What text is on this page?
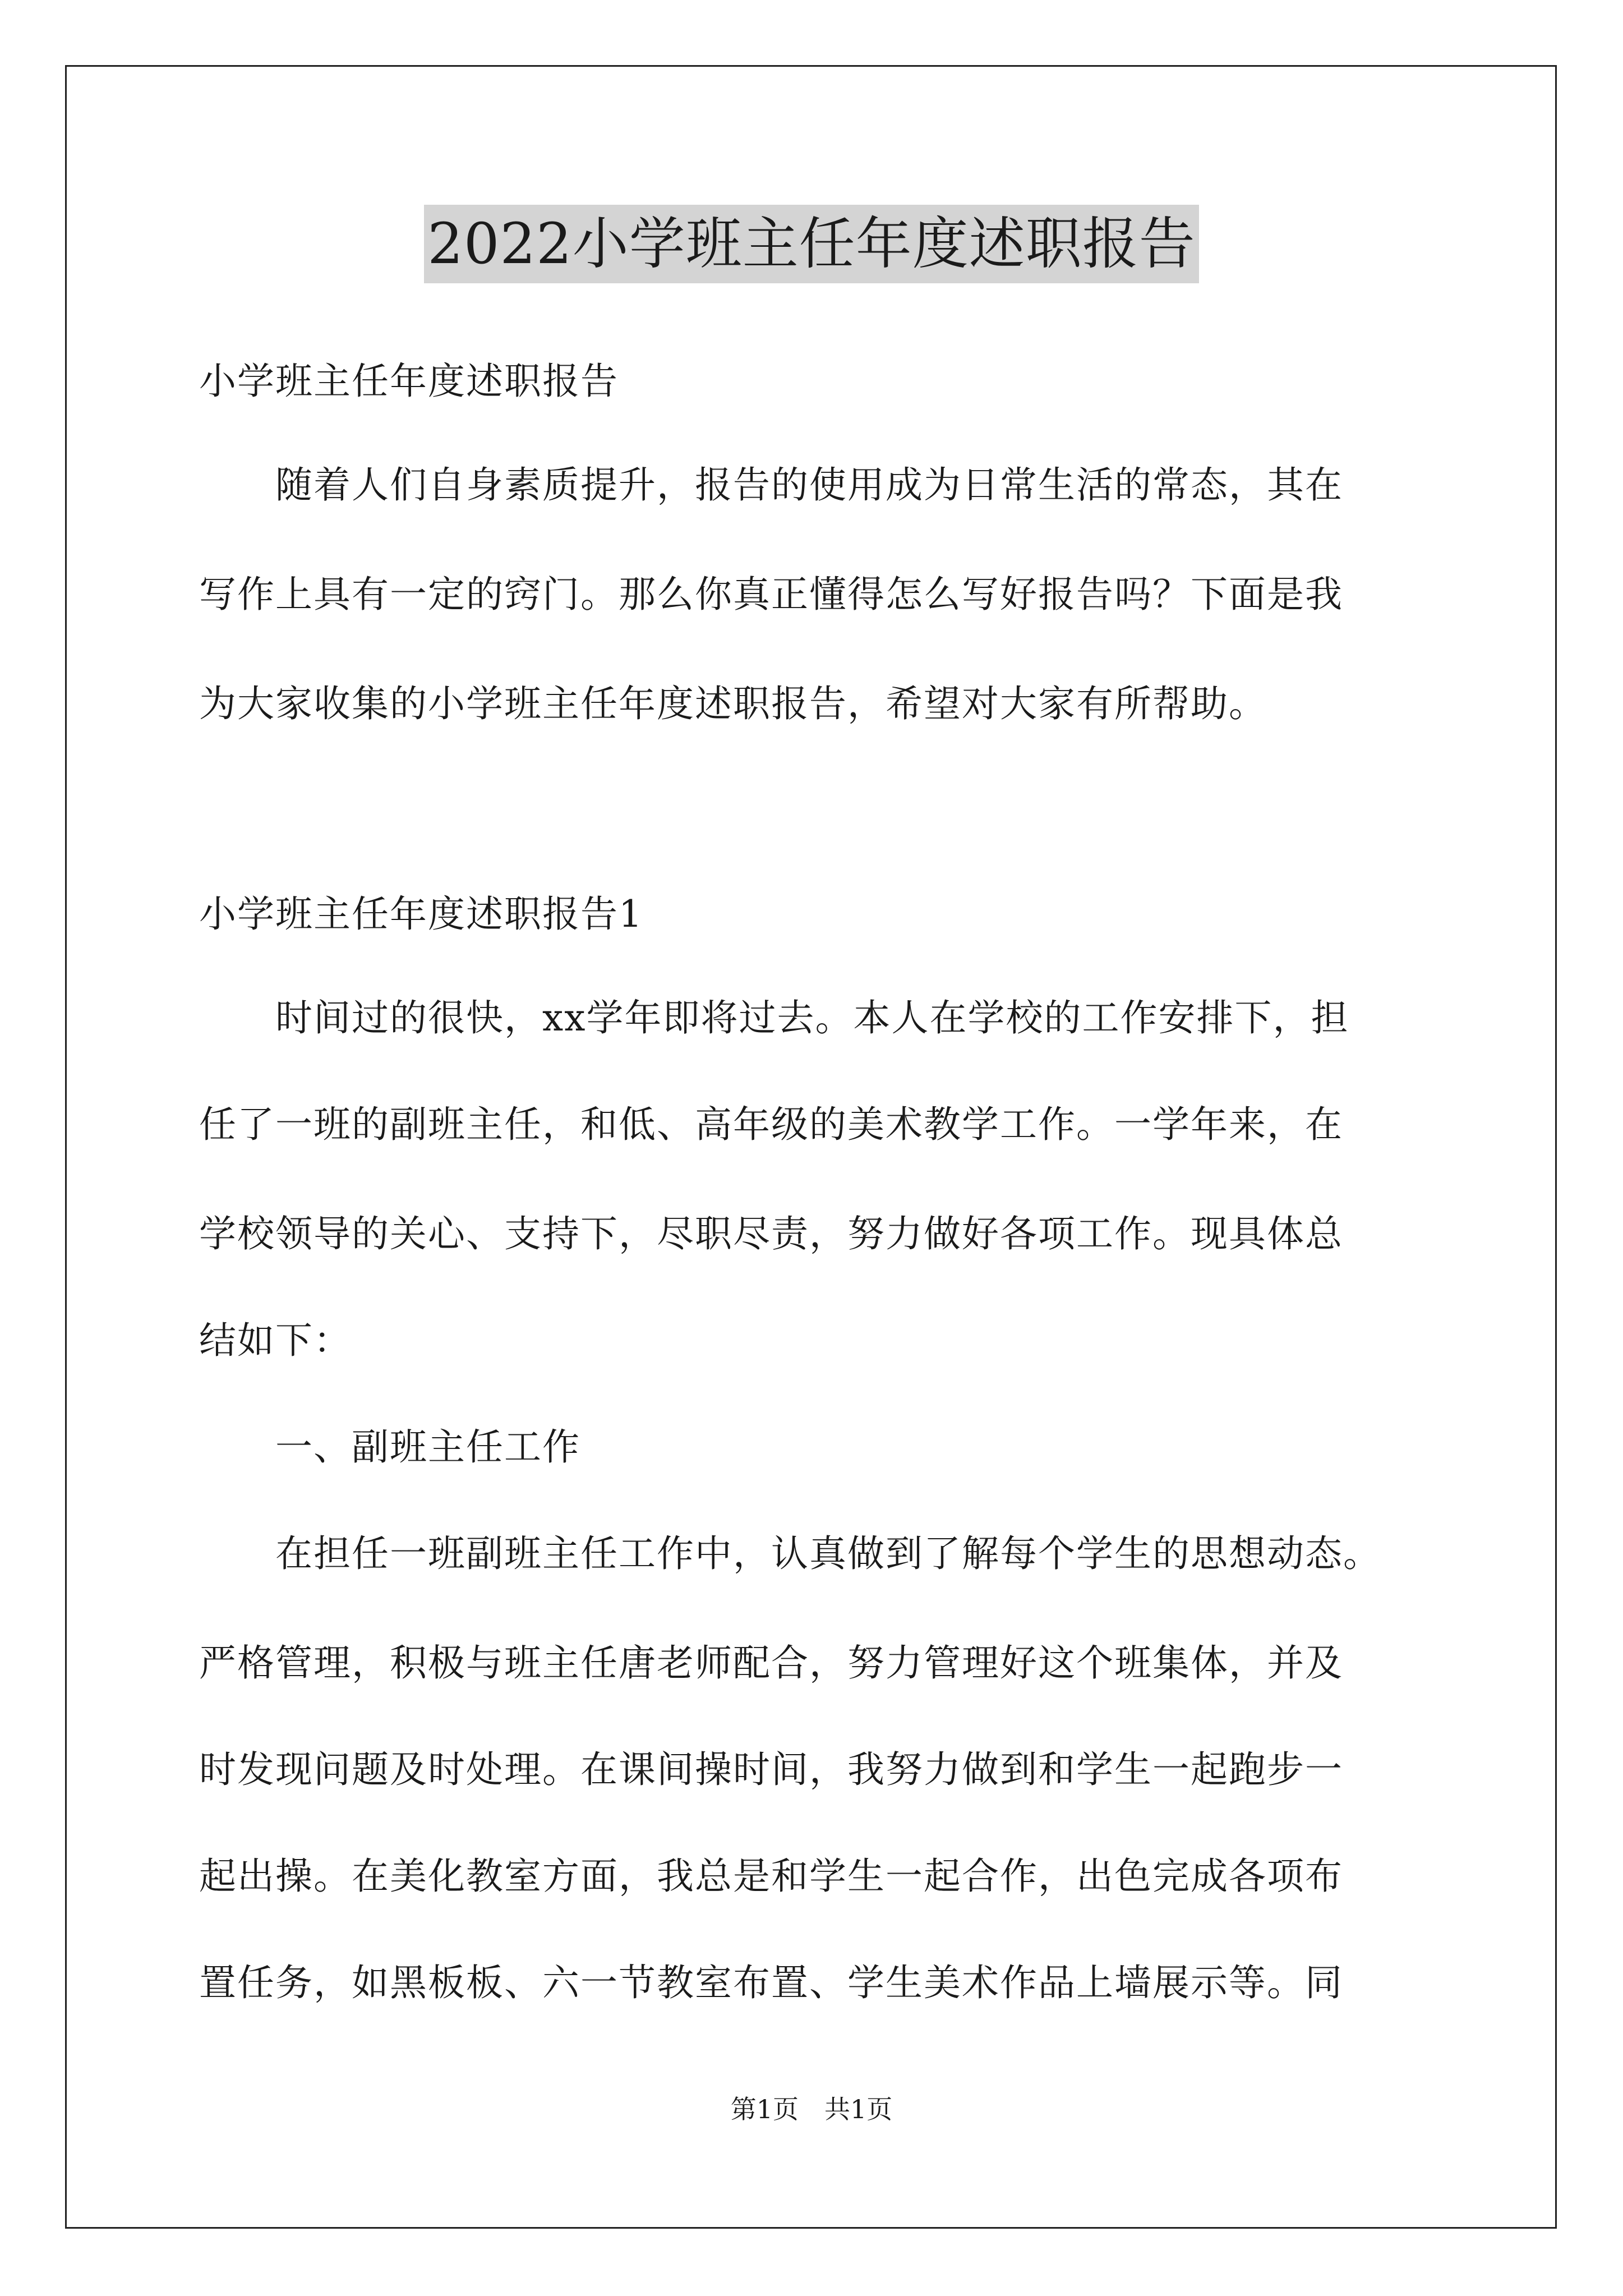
2022小学班主任年度述职报告
小学班主任年度述职报告
　　随着人们自身素质提升，报告的使用成为日常生活的常态，其在
写作上具有一定的窍门。那么你真正懂得怎么写好报告吗？下面是我
为大家收集的小学班主任年度述职报告，希望对大家有所帮助。
小学班主任年度述职报告1
　　时间过的很快，xx学年即将过去。本人在学校的工作安排下，担
任了一班的副班主任，和低、高年级的美术教学工作。一学年来，在
学校领导的关心、支持下，尽职尽责，努力做好各项工作。现具体总
结如下：
　　一、副班主任工作
　　在担任一班副班主任工作中，认真做到了解每个学生的思想动态。
严格管理，积极与班主任唐老师配合，努力管理好这个班集体，并及
时发现问题及时处理。在课间操时间，我努力做到和学生一起跑步一
起出操。在美化教室方面，我总是和学生一起合作，出色完成各项布
置任务，如黑板板、六一节教室布置、学生美术作品上墙展示等。同
第1页　共1页
